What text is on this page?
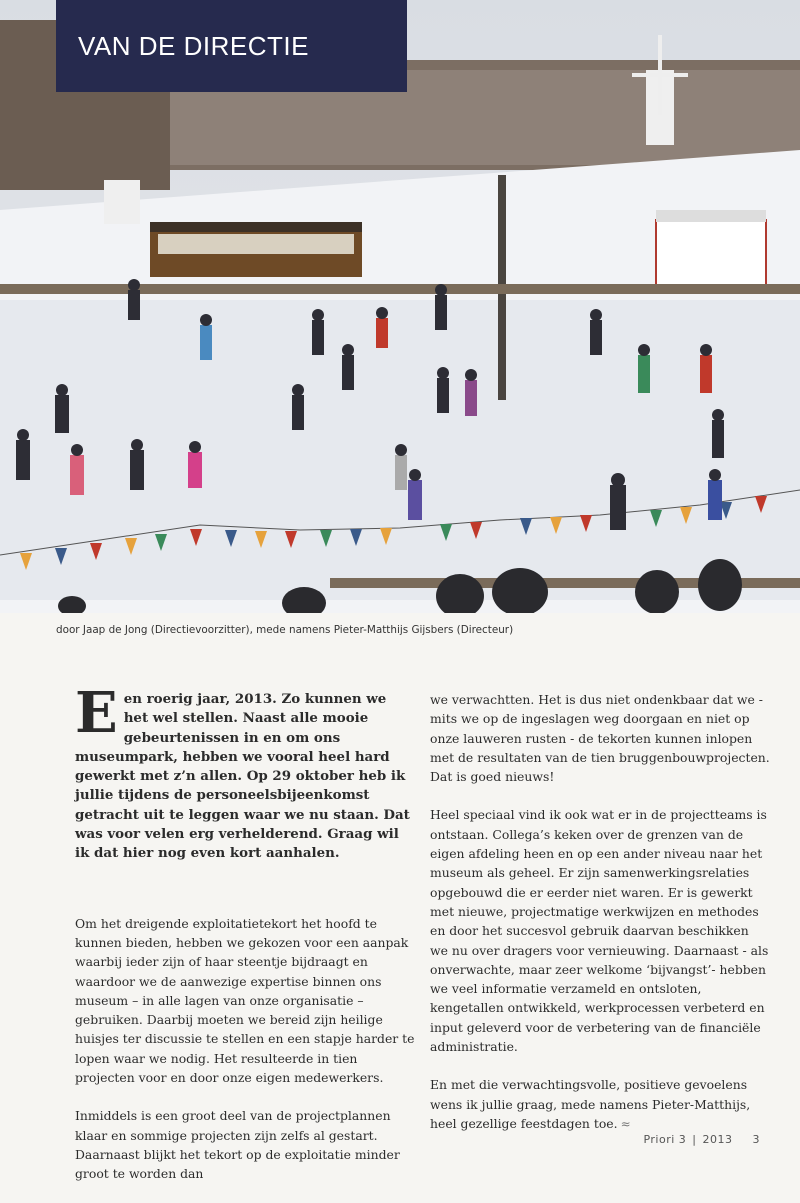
VAN DE DIRECTIE
door Jaap de Jong (Directievoorzitter), mede namens Pieter-Matthijs Gijsbers (Directeur)

Een roerig jaar, 2013. Zo kunnen we het wel stellen. Naast alle mooie gebeurtenissen in en om ons museumpark, hebben we vooral heel hard gewerkt met z’n allen. Op 29 oktober heb ik jullie tijdens de personeelsbijeenkomst getracht uit te leggen waar we nu staan. Dat was voor velen erg verhelderend. Graag wil ik dat hier nog even kort aanhalen.

Om het dreigende exploitatietekort het hoofd te kunnen bieden, hebben we gekozen voor een aanpak waarbij ieder zijn of haar steentje bijdraagt en waardoor we de aanwezige expertise binnen ons museum – in alle lagen van onze organisatie – gebruiken. Daarbij moeten we bereid zijn heilige huisjes ter discussie te stellen en een stapje harder te lopen waar we nodig. Het resulteerde in tien projecten voor en door onze eigen medewerkers.

Inmiddels is een groot deel van de projectplannen klaar en sommige projecten zijn zelfs al gestart. Daarnaast blijkt het tekort op de exploitatie minder groot te worden dan

we verwachtten. Het is dus niet ondenkbaar dat we - mits we op de ingeslagen weg doorgaan en niet op onze lauweren rusten - de tekorten kunnen inlopen met de resultaten van de tien bruggenbouwprojecten. Dat is goed nieuws!

Heel speciaal vind ik ook wat er in de projectteams is ontstaan. Collega’s keken over de grenzen van de eigen afdeling heen en op een ander niveau naar het museum als geheel. Er zijn samenwerkingsrelaties opgebouwd die er eerder niet waren. Er is gewerkt met nieuwe, projectmatige werkwijzen en methodes en door het succesvol gebruik daarvan beschikken we nu over dragers voor vernieuwing. Daarnaast - als onverwachte, maar zeer welkome ‘bijvangst’- hebben we veel informatie verzameld en ontsloten, kengetallen ontwikkeld, werkprocessen verbeterd en input geleverd voor de verbetering van de financiële administratie.

En met die verwachtingsvolle, positieve gevoelens wens ik jullie graag, mede namens Pieter-Matthijs, heel gezellige feestdagen toe. ≈

Priori 3 | 2013 3
